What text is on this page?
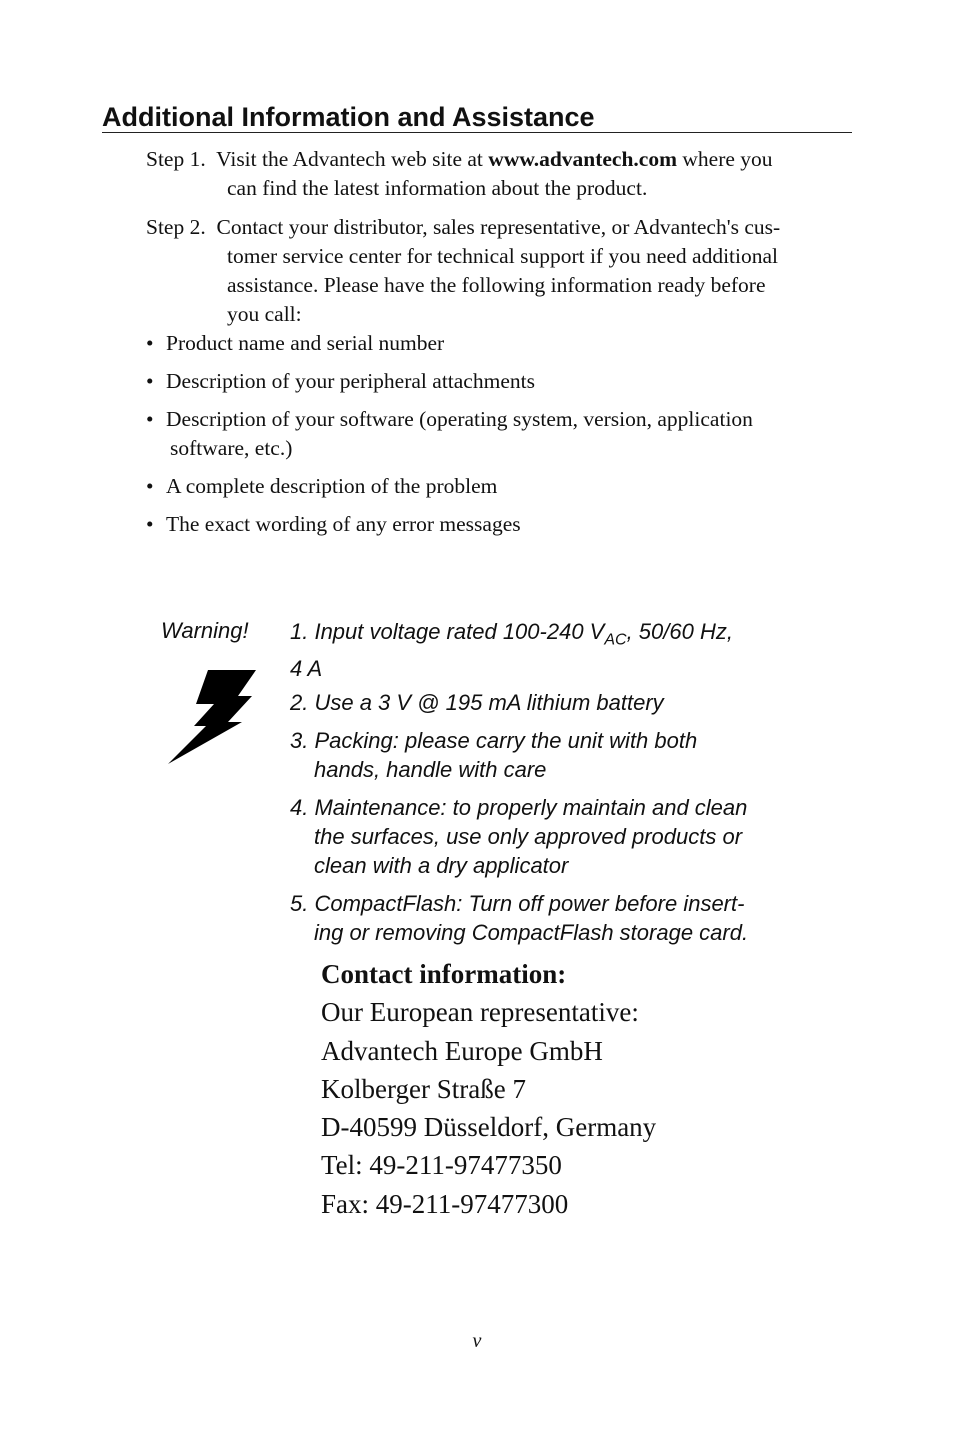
Additional Information and Assistance
Step 1. Visit the Advantech web site at www.advantech.com where you
can find the latest information about the product.
Step 2. Contact your distributor, sales representative, or Advantech's cus-
tomer service center for technical support if you need additional
assistance. Please have the following information ready before
you call:
• Product name and serial number
• Description of your peripheral attachments
• Description of your software (operating system, version, application
software, etc.)
• A complete description of the problem
• The exact wording of any error messages
Warning! 1. Input voltage rated 100-240 $V_{AC}$, 50/60 Hz,
4 A
2. Use a 3 V @ 195 mA lithium battery
3. Packing: please carry the unit with both
hands, handle with care
4. Maintenance: to properly maintain and clean
the surfaces, use only approved products or
clean with a dry applicator
5. CompactFlash: Turn off power before insert-
ing or removing CompactFlash storage card.
Contact information:
Our European representative:
Advantech Europe GmbH
Kolberger Straße 7
D-40599 Düsseldorf, Germany
Tel: 49-211-97477350
Fax: 49-211-97477300
v
